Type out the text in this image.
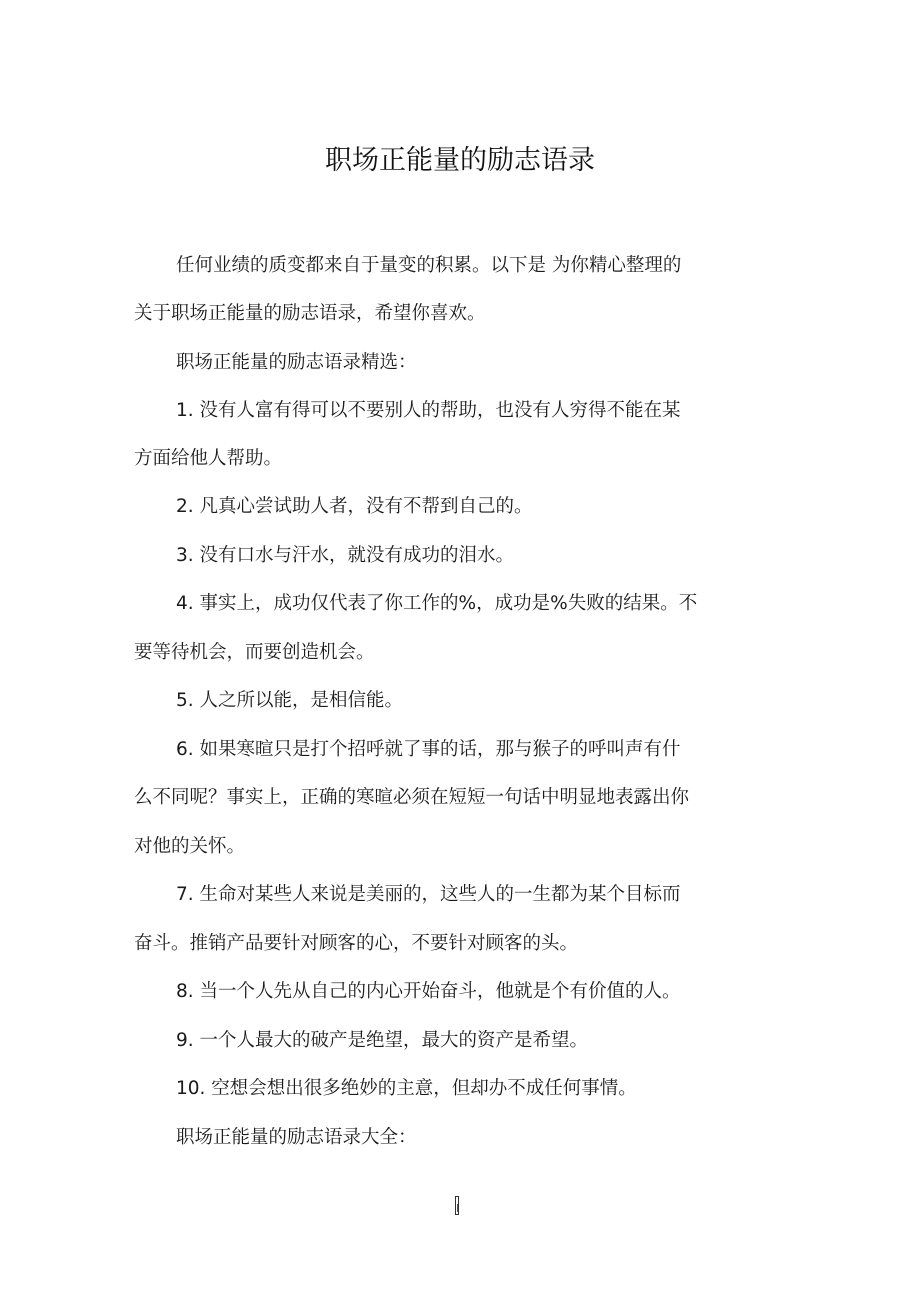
职场正能量的励志语录
任何业绩的质变都来自于量变的积累。以下是 为你精心整理的
关于职场正能量的励志语录，希望你喜欢。
职场正能量的励志语录精选：
1. 没有人富有得可以不要别人的帮助，也没有人穷得不能在某
方面给他人帮助。
2. 凡真心尝试助人者，没有不帮到自己的。
3. 没有口水与汗水，就没有成功的泪水。
4. 事实上，成功仅代表了你工作的%，成功是%失败的结果。不
要等待机会，而要创造机会。
5. 人之所以能，是相信能。
6. 如果寒暄只是打个招呼就了事的话，那与猴子的呼叫声有什
么不同呢？事实上，正确的寒暄必须在短短一句话中明显地表露出你
对他的关怀。
7. 生命对某些人来说是美丽的，这些人的一生都为某个目标而
奋斗。推销产品要针对顾客的心，不要针对顾客的头。
8. 当一个人先从自己的内心开始奋斗，他就是个有价值的人。
9. 一个人最大的破产是绝望，最大的资产是希望。
10. 空想会想出很多绝妙的主意，但却办不成任何事情。
职场正能量的励志语录大全：
